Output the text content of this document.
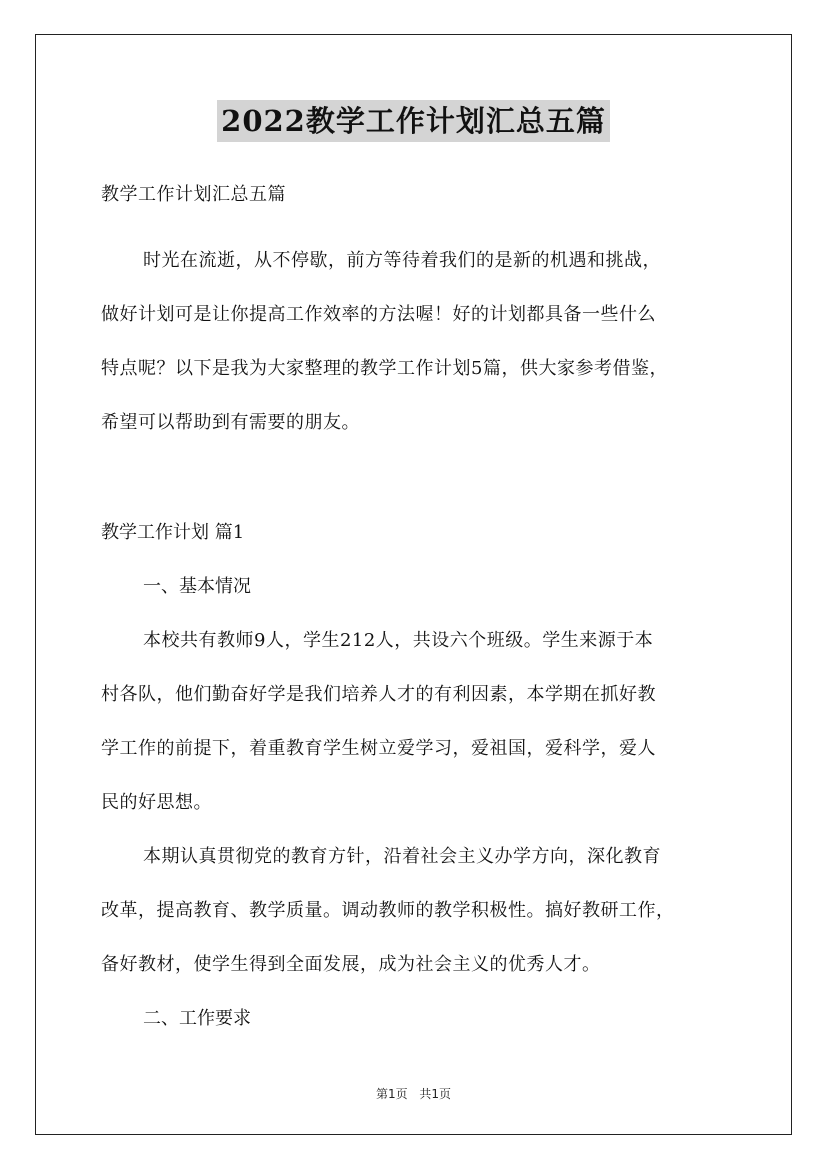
2022教学工作计划汇总五篇

教学工作计划汇总五篇

时光在流逝，从不停歇，前方等待着我们的是新的机遇和挑战，
做好计划可是让你提高工作效率的方法喔！好的计划都具备一些什么
特点呢？以下是我为大家整理的教学工作计划5篇，供大家参考借鉴，
希望可以帮助到有需要的朋友。
教学工作计划 篇1
一、基本情况
本校共有教师9人，学生212人，共设六个班级。学生来源于本
村各队，他们勤奋好学是我们培养人才的有利因素，本学期在抓好教
学工作的前提下，着重教育学生树立爱学习，爱祖国，爱科学，爱人
民的好思想。
本期认真贯彻党的教育方针，沿着社会主义办学方向，深化教育
改革，提高教育、教学质量。调动教师的教学积极性。搞好教研工作，
备好教材，使学生得到全面发展，成为社会主义的优秀人才。
二、工作要求
第1页 共1页
